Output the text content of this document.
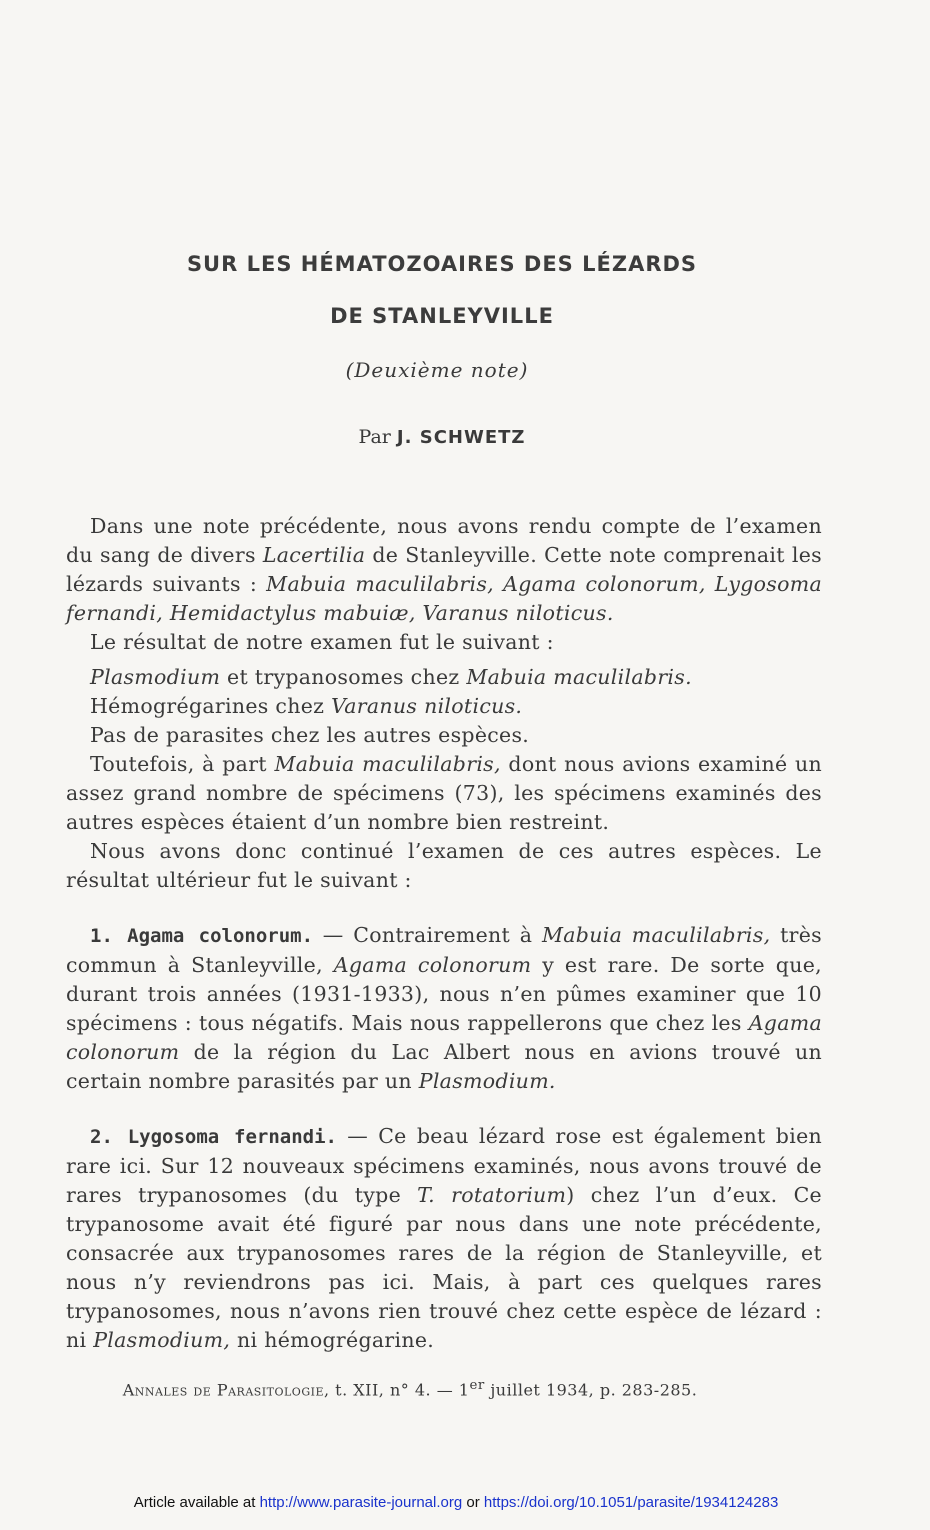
SUR LES HÉMATOZOAIRES DES LÉZARDS
DE STANLEYVILLE
(Deuxième note)
Par J. SCHWETZ

Dans une note précédente, nous avons rendu compte de l’examen du sang de divers Lacertilia de Stanleyville. Cette note comprenait les lézards suivants : Mabuia maculilabris, Agama colonorum, Lygosoma fernandi, Hemidactylus mabuiæ, Varanus niloticus.

Le résultat de notre examen fut le suivant :

Plasmodium et trypanosomes chez Mabuia maculilabris.

Hémogrégarines chez Varanus niloticus.

Pas de parasites chez les autres espèces.

Toutefois, à part Mabuia maculilabris, dont nous avions examiné un assez grand nombre de spécimens (73), les spécimens examinés des autres espèces étaient d’un nombre bien restreint.

Nous avons donc continué l’examen de ces autres espèces. Le résultat ultérieur fut le suivant :

1. Agama colonorum. — Contrairement à Mabuia maculilabris, très commun à Stanleyville, Agama colonorum y est rare. De sorte que, durant trois années (1931-1933), nous n’en pûmes examiner que 10 spécimens : tous négatifs. Mais nous rappellerons que chez les Agama colonorum de la région du Lac Albert nous en avions trouvé un certain nombre parasités par un Plasmodium.

2. Lygosoma fernandi. — Ce beau lézard rose est également bien rare ici. Sur 12 nouveaux spécimens examinés, nous avons trouvé de rares trypanosomes (du type T. rotatorium) chez l’un d’eux. Ce trypanosome avait été figuré par nous dans une note précédente, consacrée aux trypanosomes rares de la région de Stanleyville, et nous n’y reviendrons pas ici. Mais, à part ces quelques rares trypanosomes, nous n’avons rien trouvé chez cette espèce de lézard : ni Plasmodium, ni hémogrégarine.

Annales de Parasitologie, t. XII, n° 4. — 1er juillet 1934, p. 283-285.
Article available at http://www.parasite-journal.org or https://doi.org/10.1051/parasite/1934124283
